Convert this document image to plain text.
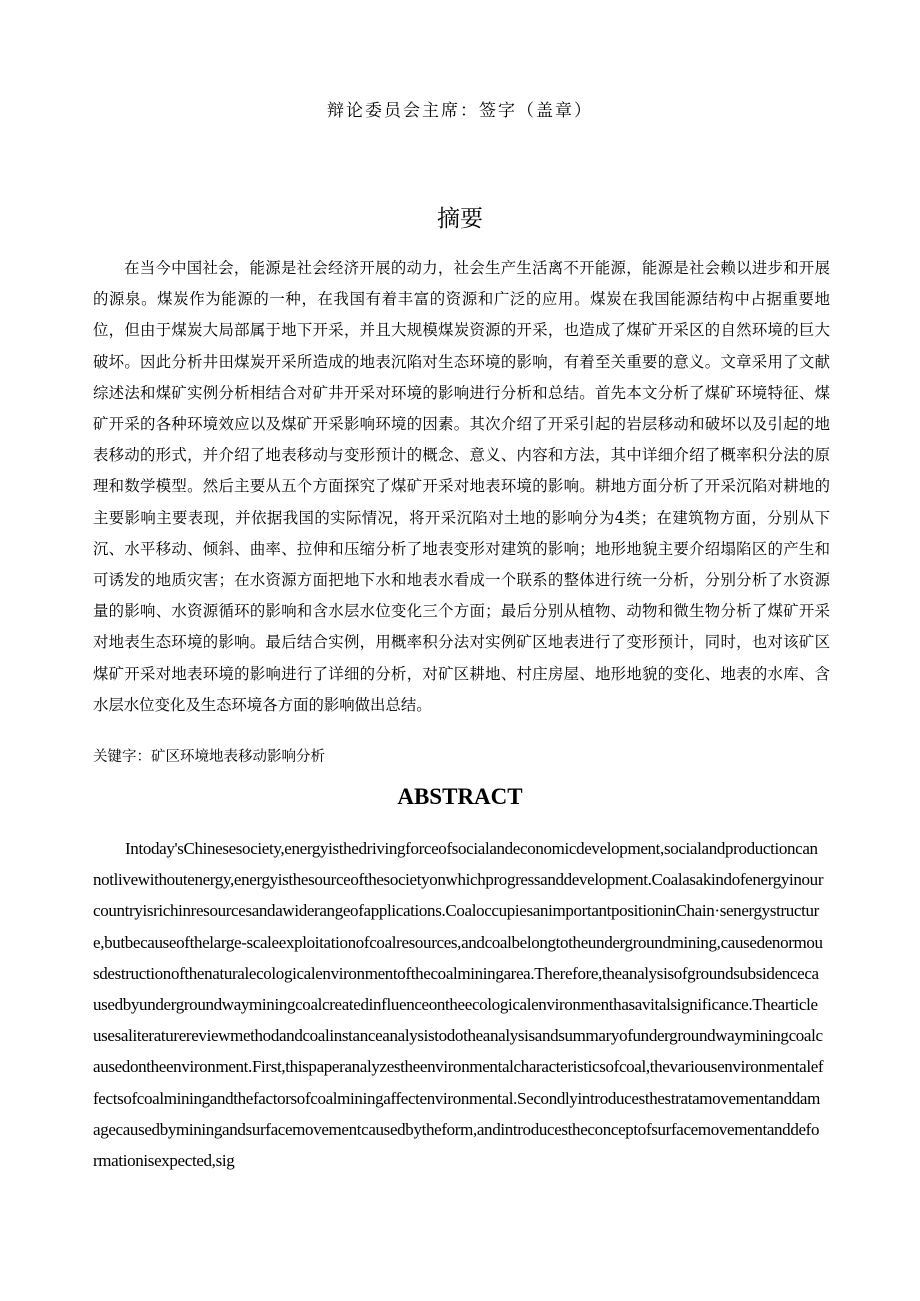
辩论委员会主席：签字（盖章）
摘要

在当今中国社会，能源是社会经济开展的动力，社会生产生活离不开能源，能源是社会赖以进步和开展的源泉。煤炭作为能源的一种，在我国有着丰富的资源和广泛的应用。煤炭在我国能源结构中占据重要地位，但由于煤炭大局部属于地下开采，并且大规模煤炭资源的开采，也造成了煤矿开采区的自然环境的巨大破坏。因此分析井田煤炭开采所造成的地表沉陷对生态环境的影响，有着至关重要的意义。文章采用了文献综述法和煤矿实例分析相结合对矿井开采对环境的影响进行分析和总结。首先本文分析了煤矿环境特征、煤矿开采的各种环境效应以及煤矿开采影响环境的因素。其次介绍了开采引起的岩层移动和破坏以及引起的地表移动的形式，并介绍了地表移动与变形预计的概念、意义、内容和方法，其中详细介绍了概率积分法的原理和数学模型。然后主要从五个方面探究了煤矿开采对地表环境的影响。耕地方面分析了开采沉陷对耕地的主要影响主要表现，并依据我国的实际情况，将开采沉陷对土地的影响分为4类；在建筑物方面，分别从下沉、水平移动、倾斜、曲率、拉伸和压缩分析了地表变形对建筑的影响；地形地貌主要介绍塌陷区的产生和可诱发的地质灾害；在水资源方面把地下水和地表水看成一个联系的整体进行统一分析，分别分析了水资源量的影响、水资源循环的影响和含水层水位变化三个方面；最后分别从植物、动物和微生物分析了煤矿开采对地表生态环境的影响。最后结合实例，用概率积分法对实例矿区地表进行了变形预计，同时，也对该矿区煤矿开采对地表环境的影响进行了详细的分析，对矿区耕地、村庄房屋、地形地貌的变化、地表的水库、含水层水位变化及生态环境各方面的影响做出总结。

关键字：矿区环境地表移动影响分析
ABSTRACT

Intoday'sChinesesociety,energyisthedrivingforceofsocialandeconomicdevelopment,socialandproductioncannotlivewithoutenergy,energyisthesourceofthesocietyonwhichprogressanddevelopment.Coalasakindofenergyinourcountryisrichinresourcesandawiderangeofapplications.CoaloccupiesanimportantpositioninChain·senergystructure,butbecauseofthelarge-scaleexploitationofcoalresources,andcoalbelongtotheundergroundmining,causedenormousdestructionofthenaturalecologicalenvironmentofthecoalminingarea.Therefore,theanalysisofgroundsubsidencecausedbyundergroundwayminingcoalcreatedinfluenceontheecologicalenvironmenthasavitalsignificance.Thearticleusesaliteraturereviewmethodandcoalinstanceanalysistodotheanalysisandsummaryofundergroundwayminingcoalcausedontheenvironment.First,thispaperanalyzestheenvironmentalcharacteristicsofcoal,thevariousenvironmentaleffectsofcoalminingandthefactorsofcoalminingaffectenvironmental.Secondlyintroducesthestratamovementanddamagecausedbyminingandsurfacemovementcausedbytheform,andintroducestheconceptofsurfacemovementanddeformationisexpected,sig
